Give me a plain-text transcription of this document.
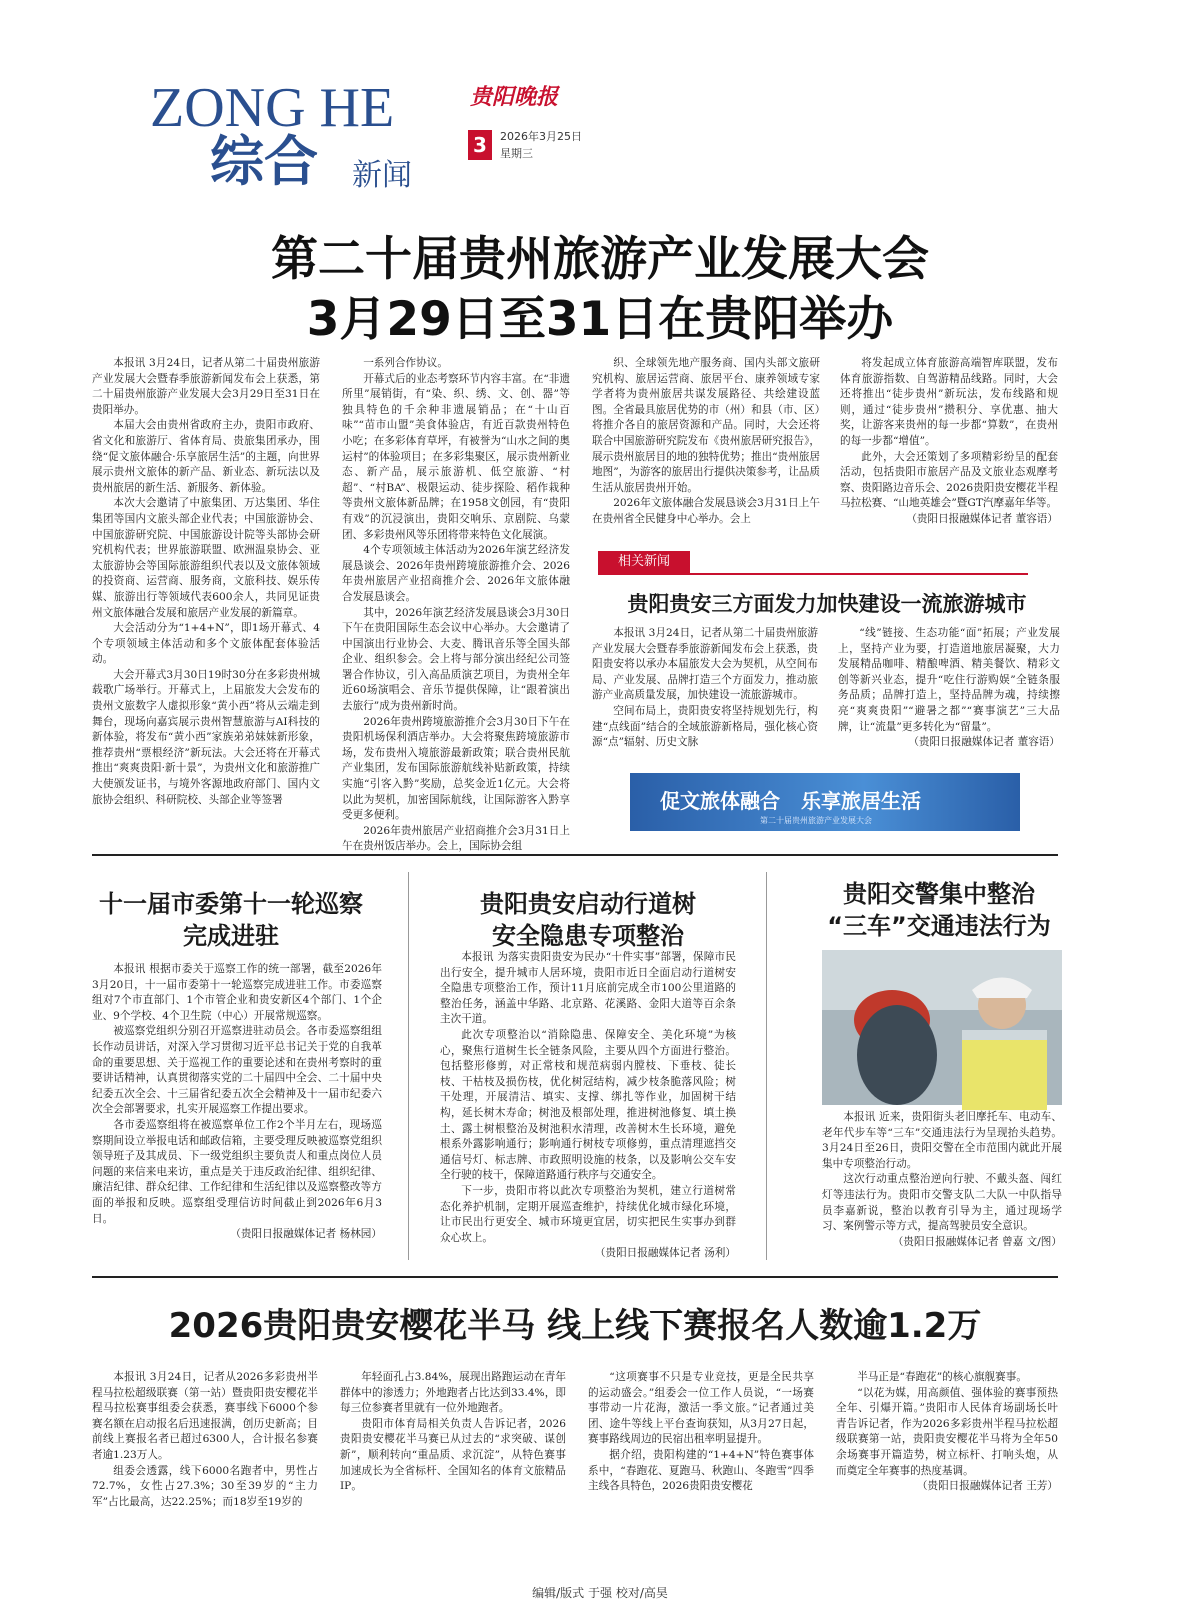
ZONG HE
综合 新闻
贵阳晚报
3	2026年3月25日
星期三
第二十届贵州旅游产业发展大会
3月29日至31日在贵阳举办

本报讯 3月24日，记者从第二十届贵州旅游产业发展大会暨春季旅游新闻发布会上获悉，第二十届贵州旅游产业发展大会3月29日至31日在贵阳举办。

本届大会由贵州省政府主办，贵阳市政府、省文化和旅游厅、省体育局、贵旅集团承办，围绕“促文旅体融合·乐享旅居生活”的主题，向世界展示贵州文旅体的新产品、新业态、新玩法以及贵州旅居的新生活、新服务、新体验。

本次大会邀请了中旅集团、万达集团、华住集团等国内文旅头部企业代表；中国旅游协会、中国旅游研究院、中国旅游设计院等头部协会研究机构代表；世界旅游联盟、欧洲温泉协会、亚太旅游协会等国际旅游组织代表以及文旅体领域的投资商、运营商、服务商，文旅科技、娱乐传媒、旅游出行等领域代表600余人，共同见证贵州文旅体融合发展和旅居产业发展的新篇章。

大会活动分为“1+4+N”，即1场开幕式、4个专项领域主体活动和多个文旅体配套体验活动。

大会开幕式3月30日19时30分在多彩贵州城载歌广场举行。开幕式上，上届旅发大会发布的贵州文旅数字人虚拟形象“黄小西”将从云端走到舞台，现场向嘉宾展示贵州智慧旅游与AI科技的新体验，将发布“黄小西”家族弟弟妹妹新形象，推荐贵州“票根经济”新玩法。大会还将在开幕式推出“爽爽贵阳·新十景”，为贵州文化和旅游推广大使颁发证书，与境外客源地政府部门、国内文旅协会组织、科研院校、头部企业等签署

一系列合作协议。

开幕式后的业态考察环节内容丰富。在“非遗所里”展销街，有“染、织、绣、文、创、器”等独具特色的千余种非遗展销品；在“十山百味”“苗市山盟”美食体验店，有近百款贵州特色小吃；在多彩体育草坪，有被誉为“山水之间的奥运村”的体验项目；在多彩集聚区，展示贵州新业态、新产品，展示旅游机、低空旅游、“村超”、“村BA”、极限运动、徒步探险、稻作栽种等贵州文旅体新品牌；在1958文创园，有“贵阳有戏”的沉浸演出，贵阳交响乐、京剧院、乌蒙团、多彩贵州风等乐团将带来特色文化展演。

4个专项领域主体活动为2026年演艺经济发展恳谈会、2026年贵州跨境旅游推介会、2026年贵州旅居产业招商推介会、2026年文旅体融合发展恳谈会。

其中，2026年演艺经济发展恳谈会3月30日下午在贵阳国际生态会议中心举办。大会邀请了中国演出行业协会、大麦、腾讯音乐等全国头部企业、组织参会。会上将与部分演出经纪公司签署合作协议，引入高品质演艺项目，为贵州全年近60场演唱会、音乐节提供保障，让“跟着演出去旅行”成为贵州新时尚。

2026年贵州跨境旅游推介会3月30日下午在贵阳机场保利酒店举办。大会将聚焦跨境旅游市场，发布贵州入境旅游最新政策；联合贵州民航产业集团，发布国际旅游航线补贴新政策，持续实施“引客入黔”奖励，总奖金近1亿元。大会将以此为契机，加密国际航线，让国际游客入黔享受更多便利。

2026年贵州旅居产业招商推介会3月31日上午在贵州饭店举办。会上，国际协会组

织、全球领先地产服务商、国内头部文旅研究机构、旅居运营商、旅居平台、康养领域专家学者将为贵州旅居共谋发展路径、共绘建设蓝图。全省最具旅居优势的市（州）和县（市、区）将推介各自的旅居资源和产品。同时，大会还将联合中国旅游研究院发布《贵州旅居研究报告》，展示贵州旅居目的地的独特优势；推出“贵州旅居地图”，为游客的旅居出行提供决策参考，让品质生活从旅居贵州开始。

2026年文旅体融合发展恳谈会3月31日上午在贵州省全民健身中心举办。会上

将发起成立体育旅游高端智库联盟，发布体育旅游指数、自驾游精品线路。同时，大会还将推出“徒步贵州”新玩法，发布线路和规则，通过“徒步贵州”攒积分、享优惠、抽大奖，让游客来贵州的每一步都“算数”，在贵州的每一步都“增值”。

此外，大会还策划了多项精彩纷呈的配套活动，包括贵阳市旅居产品及文旅业态观摩考察、贵阳路边音乐会、2026贵阳贵安樱花半程马拉松赛、“山地英雄会”暨GT汽摩嘉年华等。

（贵阳日报融媒体记者 董容语）

相关新闻
贵阳贵安三方面发力加快建设一流旅游城市

本报讯 3月24日，记者从第二十届贵州旅游产业发展大会暨春季旅游新闻发布会上获悉，贵阳贵安将以承办本届旅发大会为契机，从空间布局、产业发展、品牌打造三个方面发力，推动旅游产业高质量发展，加快建设一流旅游城市。

空间布局上，贵阳贵安将坚持规划先行，构建“点线面”结合的全域旅游新格局，强化核心资源“点”辐射、历史文脉

“线”链接、生态功能“面”拓展；产业发展上，坚持产业为要，打造道地旅居凝聚，大力发展精品咖啡、精酿啤酒、精美餐饮、精彩文创等新兴业态，提升“吃住行游购娱”全链条服务品质；品牌打造上，坚持品牌为魂，持续擦亮“爽爽贵阳”“避暑之都”“赛事演艺”三大品牌，让“流量”更多转化为“留量”。

（贵阳日报融媒体记者 董容语）

促文旅体融合 乐享旅居生活
第二十届贵州旅游产业发展大会
十一届市委第十一轮巡察
完成进驻

本报讯 根据市委关于巡察工作的统一部署，截至2026年3月20日，十一届市委第十一轮巡察完成进驻工作。市委巡察组对7个市直部门、1个市管企业和贵安新区4个部门、1个企业、9个学校、4个卫生院（中心）开展常规巡察。

被巡察党组织分别召开巡察进驻动员会。各市委巡察组组长作动员讲话，对深入学习贯彻习近平总书记关于党的自我革命的重要思想、关于巡视工作的重要论述和在贵州考察时的重要讲话精神，认真贯彻落实党的二十届四中全会、二十届中央纪委五次全会、十三届省纪委五次全会精神及十一届市纪委六次全会部署要求，扎实开展巡察工作提出要求。

各市委巡察组将在被巡察单位工作2个半月左右，现场巡察期间设立举报电话和邮政信箱，主要受理反映被巡察党组织领导班子及其成员、下一级党组织主要负责人和重点岗位人员问题的来信来电来访，重点是关于违反政治纪律、组织纪律、廉洁纪律、群众纪律、工作纪律和生活纪律以及巡察整改等方面的举报和反映。巡察组受理信访时间截止到2026年6月3日。

（贵阳日报融媒体记者 杨林园）

贵阳贵安启动行道树
安全隐患专项整治

本报讯 为落实贵阳贵安为民办“十件实事”部署，保障市民出行安全，提升城市人居环境，贵阳市近日全面启动行道树安全隐患专项整治工作，预计11月底前完成全市100公里道路的整治任务，涵盖中华路、北京路、花溪路、金阳大道等百余条主次干道。

此次专项整治以“消除隐患、保障安全、美化环境”为核心，聚焦行道树生长全链条风险，主要从四个方面进行整治。包括整形修剪，对正常枝和规范病弱内膛枝、下垂枝、徒长枝、干枯枝及损伤枝，优化树冠结构，减少枝条脆落风险；树干处理，开展清洁、填实、支撑、绑扎等作业，加固树干结构，延长树木寿命；树池及根部处理，推进树池修复、填土换土、露土树根整治及树池积水清理，改善树木生长环境，避免根系外露影响通行；影响通行树枝专项修剪，重点清理遮挡交通信号灯、标志牌、市政照明设施的枝条，以及影响公交车安全行驶的枝干，保障道路通行秩序与交通安全。

下一步，贵阳市将以此次专项整治为契机，建立行道树常态化养护机制，定期开展巡查维护，持续优化城市绿化环境，让市民出行更安全、城市环境更宜居，切实把民生实事办到群众心坎上。

（贵阳日报融媒体记者 汤利）

贵阳交警集中整治
“三车”交通违法行为

本报讯 近来，贵阳街头老旧摩托车、电动车、老年代步车等“三车”交通违法行为呈现抬头趋势。3月24日至26日，贵阳交警在全市范围内就此开展集中专项整治行动。

这次行动重点整治逆向行驶、不戴头盔、闯红灯等违法行为。贵阳市交警支队二大队一中队指导员李嘉新说，整治以教育引导为主，通过现场学习、案例警示等方式，提高驾驶员安全意识。

（贵阳日报融媒体记者 曾嘉 文/图）

2026贵阳贵安樱花半马 线上线下赛报名人数逾1.2万

本报讯 3月24日，记者从2026多彩贵州半程马拉松超级联赛（第一站）暨贵阳贵安樱花半程马拉松赛事组委会获悉，赛事线下6000个参赛名额在启动报名后迅速报满，创历史新高；目前线上赛报名者已超过6300人，合计报名参赛者逾1.23万人。

组委会透露，线下6000名跑者中，男性占72.7%，女性占27.3%；30至39岁的“主力军”占比最高，达22.25%；而18岁至19岁的

年轻面孔占3.84%，展现出路跑运动在青年群体中的渗透力；外地跑者占比达到33.4%，即每三位参赛者里就有一位外地跑者。

贵阳市体育局相关负责人告诉记者，2026贵阳贵安樱花半马赛已从过去的“求突破、谋创新”，顺利转向“重品质、求沉淀”，从特色赛事加速成长为全省标杆、全国知名的体育文旅精品IP。

“这项赛事不只是专业竞技，更是全民共享的运动盛会。”组委会一位工作人员说，“一场赛事带动一片花海，激活一季文旅。”记者通过美团、途牛等线上平台查询获知，从3月27日起，赛事路线周边的民宿出租率明显提升。

据介绍，贵阳构建的“1+4+N”特色赛事体系中，“春跑花、夏跑马、秋跑山、冬跑雪”四季主线各具特色，2026贵阳贵安樱花

半马正是“春跑花”的核心旗舰赛事。

“以花为媒，用高颜值、强体验的赛事预热全年、引爆开篇。”贵阳市人民体育场副场长叶青告诉记者，作为2026多彩贵州半程马拉松超级联赛第一站，贵阳贵安樱花半马将为全年50余场赛事开篇造势，树立标杆、打响头炮，从而奠定全年赛事的热度基调。

（贵阳日报融媒体记者 王芳）

编辑/版式 于强 校对/高昊
